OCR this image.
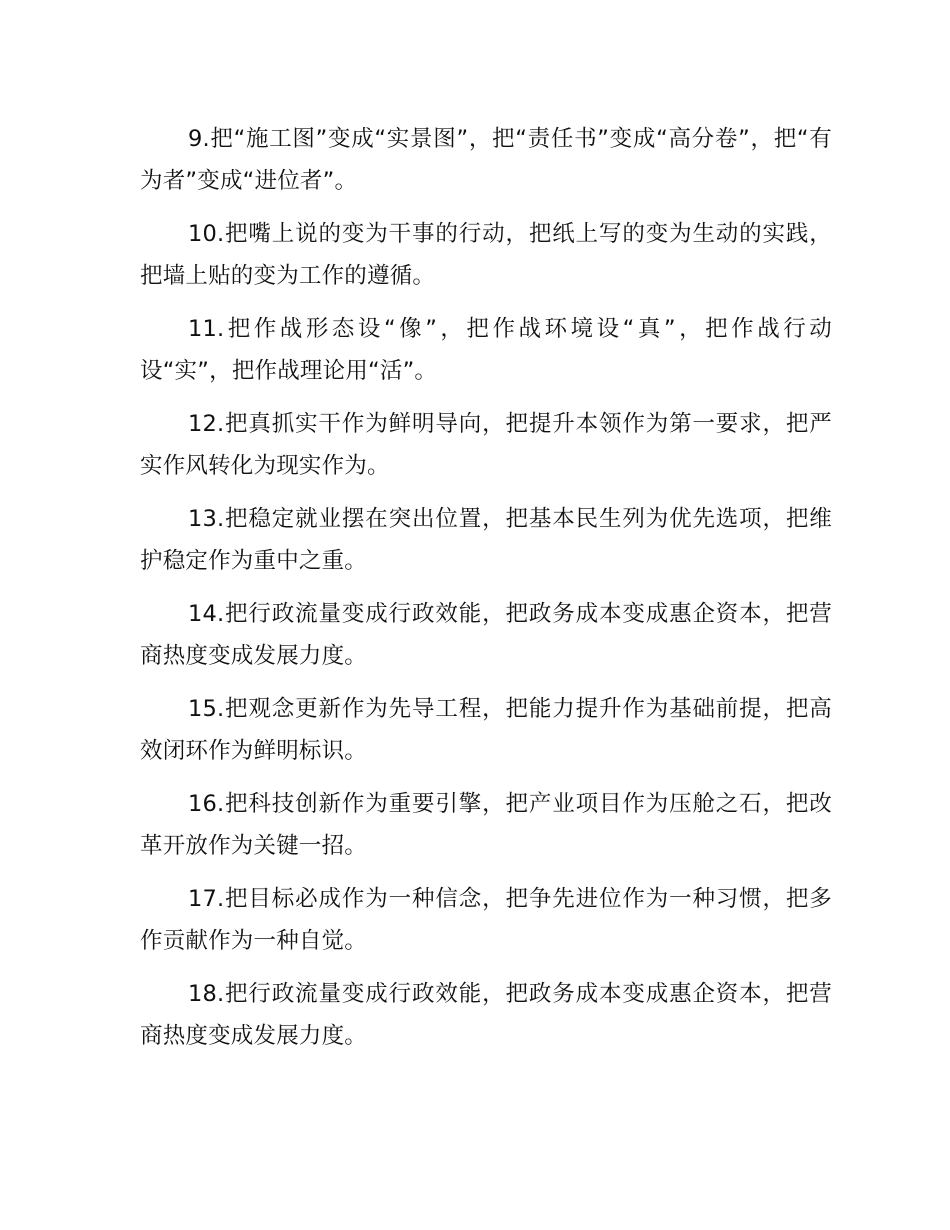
9.把“施工图”变成“实景图”，把“责任书”变成“高分卷”，把“有为者”变成“进位者”。

10.把嘴上说的变为干事的行动，把纸上写的变为生动的实践，把墙上贴的变为工作的遵循。

11.把作战形态设“像”，把作战环境设“真”，把作战行动设“实”，把作战理论用“活”。

12.把真抓实干作为鲜明导向，把提升本领作为第一要求，把严实作风转化为现实作为。

13.把稳定就业摆在突出位置，把基本民生列为优先选项，把维护稳定作为重中之重。

14.把行政流量变成行政效能，把政务成本变成惠企资本，把营商热度变成发展力度。

15.把观念更新作为先导工程，把能力提升作为基础前提，把高效闭环作为鲜明标识。

16.把科技创新作为重要引擎，把产业项目作为压舱之石，把改革开放作为关键一招。

17.把目标必成作为一种信念，把争先进位作为一种习惯，把多作贡献作为一种自觉。

18.把行政流量变成行政效能，把政务成本变成惠企资本，把营商热度变成发展力度。
